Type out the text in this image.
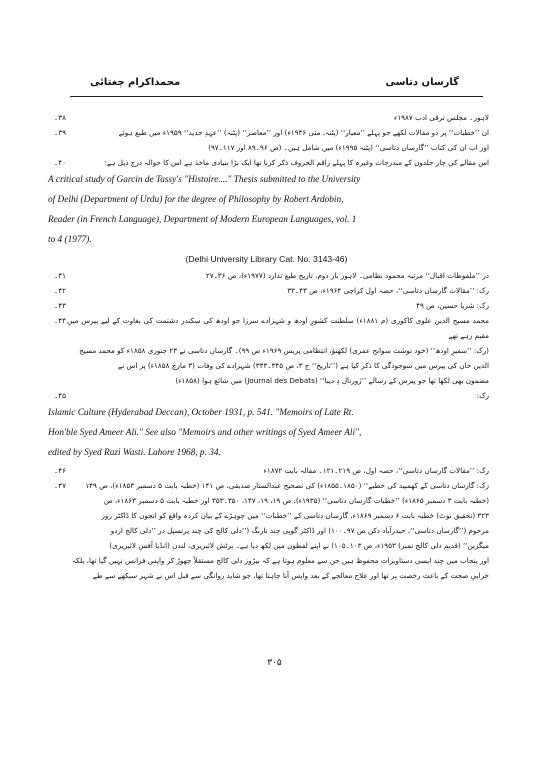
محمداکرام چغتائی	گارساں دتاسی
۳۸۔	لاہور۔ مجلس ترقی ادب ۱۹۸۷ء
۳۹۔	ان ’’خطبات‘‘ پر دو مقالات لکھے جو پہلے ’’معیار‘‘ (پٹنہ، مئی ۱۹۳۶ء) اور ’’معاصر‘‘ (پٹنہ) ’’عہدِ جدید‘‘ ۱۹۵۹ء میں طبع ہوئے
اور اب ان کی کتاب ’’گارساں دتاسی‘‘ (پٹنہ ۱۹۹۵ء) میں شامل ہیں۔ (ص ۹۶۔۸۹ اور ۱۱۷۔۹۷)
۴۰۔	اس مقالے کی چار جلدوں کے مندرجات وغیرہ کا پہلے راقم الحروف ذکر کرنا تھا ایک بڑا بنیادی ماخذ ہے اس کا حوالہ درج ذیل ہے:
A critical study of Garcin de Tassy's "Histoire...." Thesis submitted to the University
of Delhi (Department of Urdu) for the degree of Philosophy by Robert Ardobin,
Reader (in French Language), Department of Modern European Languages, vol. 1
to 4 (1977).
(Delhi University Library Cat. No. 3143-46)
۴۱۔	در ’’ملفوظات اقبال‘‘ مرتبہ محمود نظامی۔ لاہور بار دوم، تاریخ طبع ندارد (۱۹۷۷ء)، ص ۳۶۔۲۷
۴۲۔	رک: ’’مقالات گارساں دتاسی‘‘، حصہ اول کراچی ۱۹۶۴ء، ص ۴۳۔۳۳
۴۳۔	رک: شریا حسین، ص ۴۹
۴۴۔ محمد مسیح الدین علوی کاکوری (م ۱۸۸۱ء) سلطنت کشورِ اودھ و شہزادے سرزا جو اودھ کی سکندر دشتمت کی بغاوت کے لیے پیرس میں مقیم رہے تھے
(رک: ’’سفیرِ اودھ‘‘ (خود نوشت سوانح عمری) لکھنؤ، انتظامی پریس ۱۹۶۹ء ص ۹۹)۔ گارساں دتاسی نے ۲۳ جنوری ۱۸۵۸ء کو محمد مسیح
الدین خاں کی پیرس میں سوجودگی کا ذکر کیا ہے (’’تاریخ‘‘ ج ۳، ص ۳۴۵۔۳۴۳) شہزادے کی وفات (۳ مارچ ۱۸۵۸ء) پر اس نے
مضمون بھی لکھا تھا جو پیرس کے رسالے ’’ژورنال دِ دیبا‘‘ (Journal des Debats) میں شائع ہوا (۱۸۵۸ء)
۴۵۔	رک:
Islamic Culture (Hyderabad Deccan), October 1931, p. 541. "Memoirs of Late Rt.
Hon'ble Syed Ameer Ali." See also "Memoirs and other writings of Syed Ameer Ali",
edited by Syed Razi Wasti. Lahore 1968, p. 34.
۴۶۔	رک: ’’مقالات گارساں دتاسی‘‘، حصہ اول، ص ۲۱۹۔۱۲۱۔ مقالہ بابت ۱۸۷۲ء
۴۷۔	رک: گارساں دتاسی کے کھمبید کی خطبے‘‘ (۱۸۵۰۔۱۸۵۵ء) کی تصحیح عبدالستار صدیقی، ص ۱۴۱ (خطبہ بابت ۵ دسمبر ۱۸۵۳ء)، ص ۱۴۹
(خطبہ بابت ۳ دسمبر ۱۸۶۵ء) ’’خطبات گارساں دتاسی‘‘ (۱۹۳۵ء)، ص ۱۹، ۱۹، ۱۴۷، ۳۵۰۔۳۵۳ اور خطبہ بابت ۵ دسمبر ۱۸۶۳ء، ص
۳۲۳ (تحقیق نوٹ) خطبہ بابت ۶ دسمبر ۱۸۶۹ء، گارساں دتاسی کے ’’خطبات‘‘ میں چوہڑے کے بیان کردہ واقع کو انجوں کا ڈاکٹر زور
مرحوم (’’گارساں دتاسی‘‘، حیدرآباد دکن ص ۹۷۔۱۰۰) اور ڈاکٹر گوپی چند نارنگ (’’دلی کالج کی چند پرنسپل در ’’دلی کالج اردو
میگزین‘‘ (قدیم دلی کالج نمبر) ۱۹۵۳ء، ص ۱۰۳۔۱۰۵) نے اپنے لفظوں میں لکھ دیا ہے۔ برٹش لائبریری، لندن (انڈیا آفس لائبریری)
اور پنجاب میں چند ایسی دستاویزات محفوظ ہیں جن سے معلوم ہوتا ہے کہ بیڑوز دلی کالج مستقلاً چھوڑ کر واپس فرانس نہیں گیا تھا، بلکہ
خرابیِ صحت کے باعث رخصت پر تھا اور علاج معالجے کے بعد واپس آنا چاہتا تھا، جو شاید روانگی سے قبل اس نے شہر سیکھے سے طے
۳۰۵
